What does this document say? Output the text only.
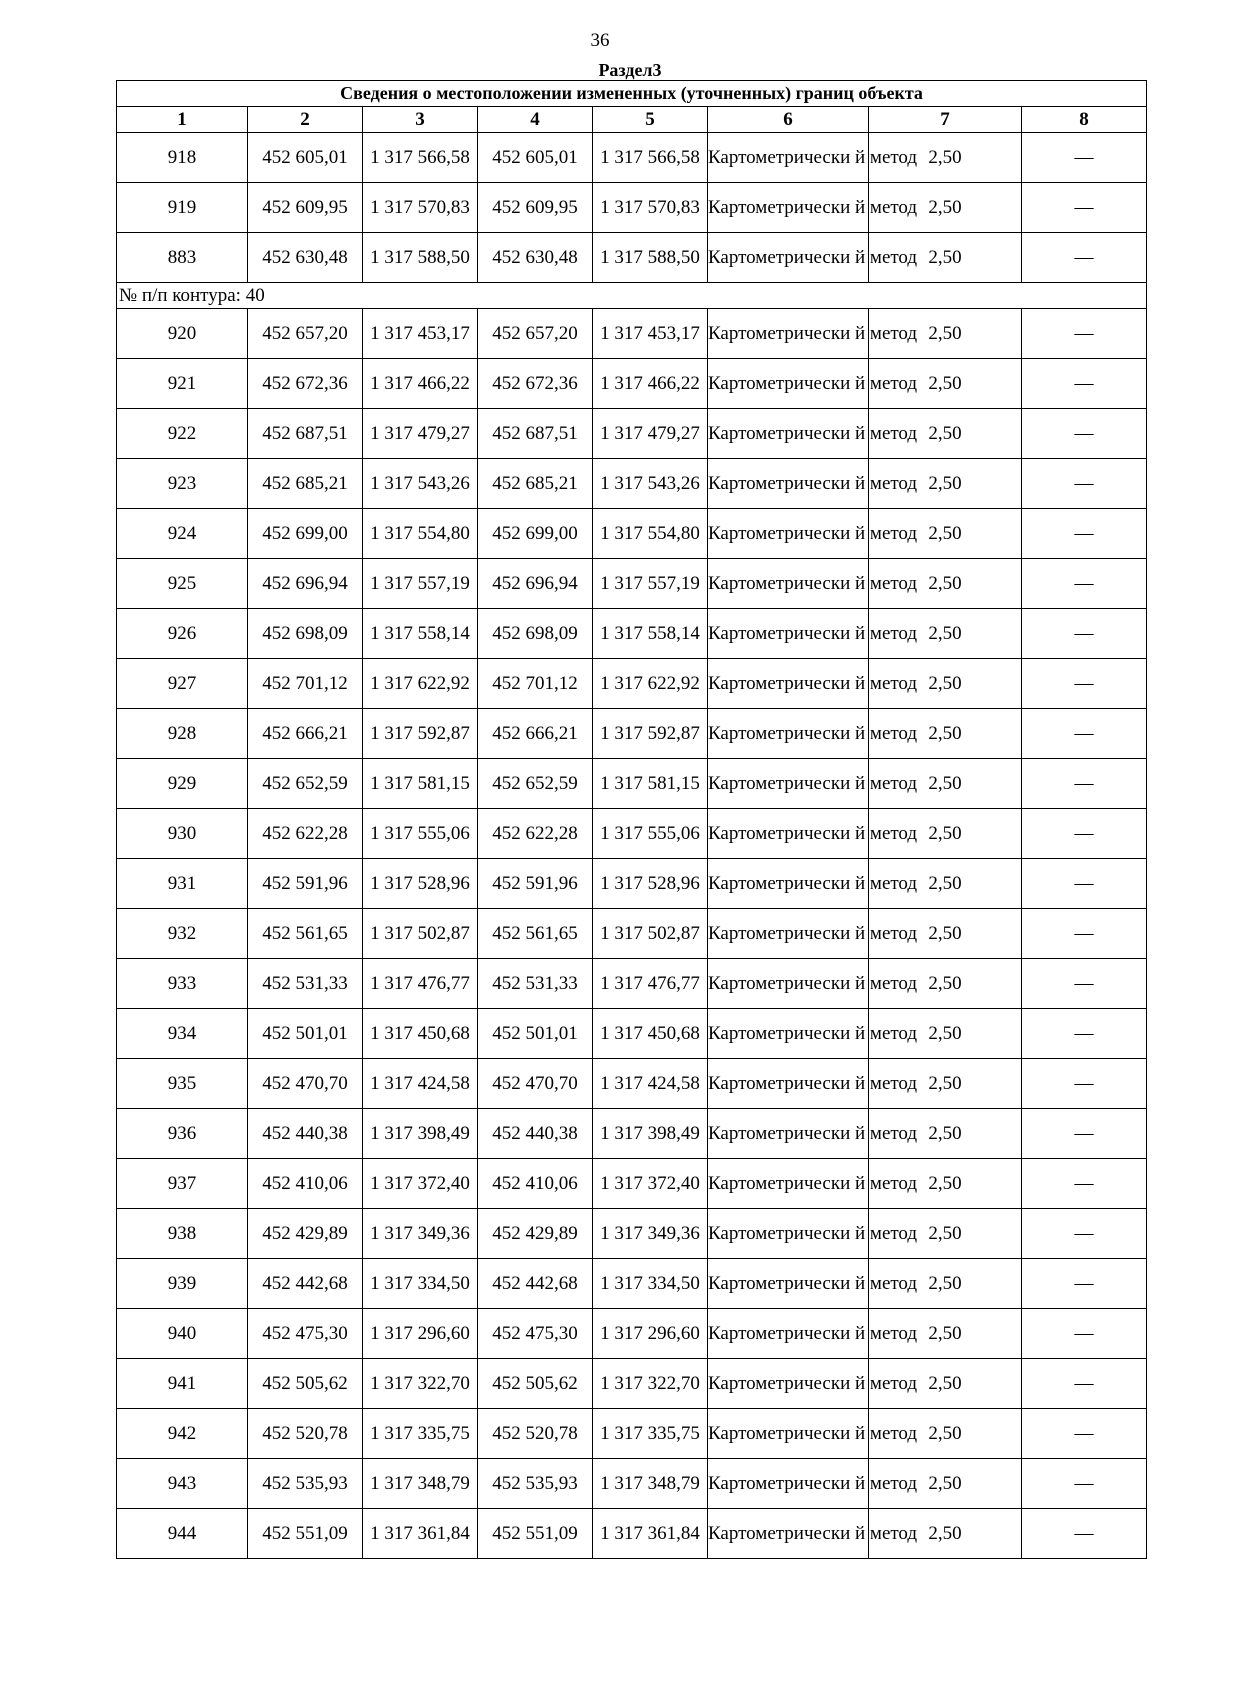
36
Раздел3
Сведения о местоположении измененных (уточненных) границ объекта							
1	2	3	4	5	6	7	8
918	452 605,01	1 317 566,58	452 605,01	1 317 566,58	Картометрически й метод	2,50	—
919	452 609,95	1 317 570,83	452 609,95	1 317 570,83	Картометрически й метод	2,50	—
883	452 630,48	1 317 588,50	452 630,48	1 317 588,50	Картометрически й метод	2,50	—
№ п/п контура: 40							
920	452 657,20	1 317 453,17	452 657,20	1 317 453,17	Картометрически й метод	2,50	—
921	452 672,36	1 317 466,22	452 672,36	1 317 466,22	Картометрически й метод	2,50	—
922	452 687,51	1 317 479,27	452 687,51	1 317 479,27	Картометрически й метод	2,50	—
923	452 685,21	1 317 543,26	452 685,21	1 317 543,26	Картометрически й метод	2,50	—
924	452 699,00	1 317 554,80	452 699,00	1 317 554,80	Картометрически й метод	2,50	—
925	452 696,94	1 317 557,19	452 696,94	1 317 557,19	Картометрически й метод	2,50	—
926	452 698,09	1 317 558,14	452 698,09	1 317 558,14	Картометрически й метод	2,50	—
927	452 701,12	1 317 622,92	452 701,12	1 317 622,92	Картометрически й метод	2,50	—
928	452 666,21	1 317 592,87	452 666,21	1 317 592,87	Картометрически й метод	2,50	—
929	452 652,59	1 317 581,15	452 652,59	1 317 581,15	Картометрически й метод	2,50	—
930	452 622,28	1 317 555,06	452 622,28	1 317 555,06	Картометрически й метод	2,50	—
931	452 591,96	1 317 528,96	452 591,96	1 317 528,96	Картометрически й метод	2,50	—
932	452 561,65	1 317 502,87	452 561,65	1 317 502,87	Картометрически й метод	2,50	—
933	452 531,33	1 317 476,77	452 531,33	1 317 476,77	Картометрически й метод	2,50	—
934	452 501,01	1 317 450,68	452 501,01	1 317 450,68	Картометрически й метод	2,50	—
935	452 470,70	1 317 424,58	452 470,70	1 317 424,58	Картометрически й метод	2,50	—
936	452 440,38	1 317 398,49	452 440,38	1 317 398,49	Картометрически й метод	2,50	—
937	452 410,06	1 317 372,40	452 410,06	1 317 372,40	Картометрически й метод	2,50	—
938	452 429,89	1 317 349,36	452 429,89	1 317 349,36	Картометрически й метод	2,50	—
939	452 442,68	1 317 334,50	452 442,68	1 317 334,50	Картометрически й метод	2,50	—
940	452 475,30	1 317 296,60	452 475,30	1 317 296,60	Картометрически й метод	2,50	—
941	452 505,62	1 317 322,70	452 505,62	1 317 322,70	Картометрически й метод	2,50	—
942	452 520,78	1 317 335,75	452 520,78	1 317 335,75	Картометрически й метод	2,50	—
943	452 535,93	1 317 348,79	452 535,93	1 317 348,79	Картометрически й метод	2,50	—
944	452 551,09	1 317 361,84	452 551,09	1 317 361,84	Картометрически й метод	2,50	—
